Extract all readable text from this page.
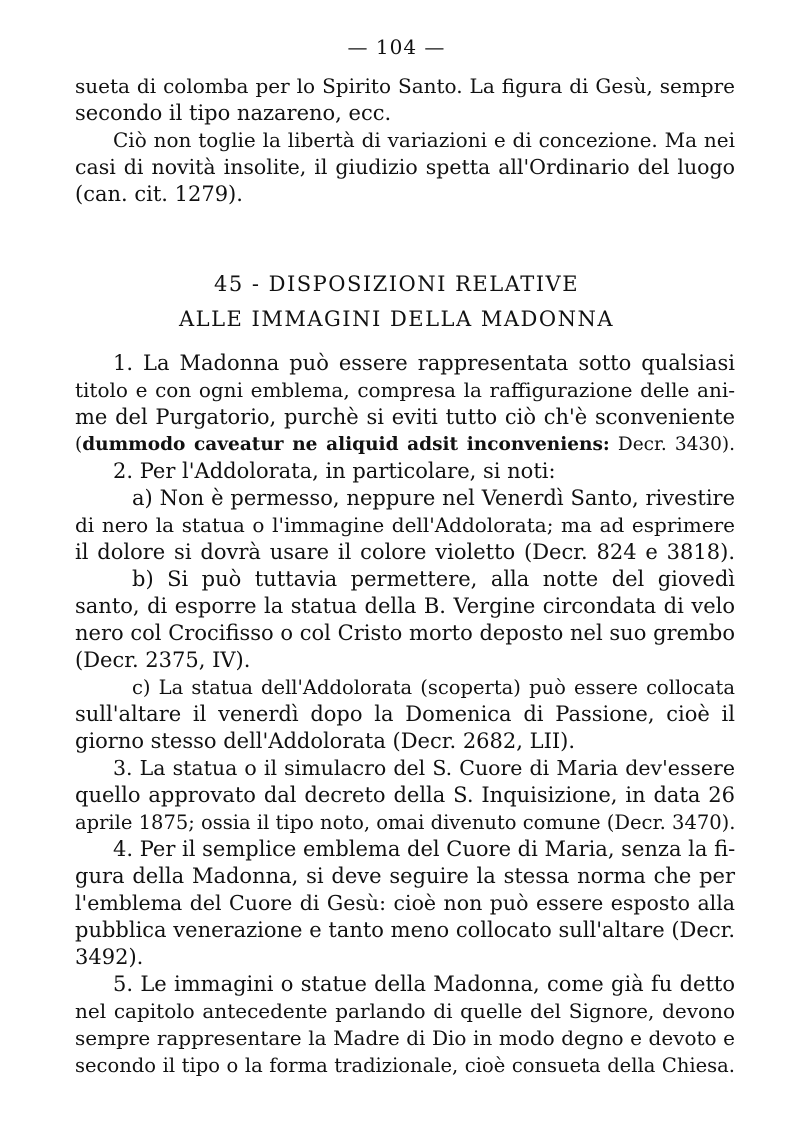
— 104 —
sueta di colomba per lo Spirito Santo. La figura di Gesù, sempre
secondo il tipo nazareno, ecc.
Ciò non toglie la libertà di variazioni e di concezione. Ma nei
casi di novità insolite, il giudizio spetta all'Ordinario del luogo
(can. cit. 1279).
45 - DISPOSIZIONI RELATIVE
ALLE IMMAGINI DELLA MADONNA
1. La Madonna può essere rappresentata sotto qualsiasi
titolo e con ogni emblema, compresa la raffigurazione delle ani-
me del Purgatorio, purchè si eviti tutto ciò ch'è sconveniente
(dummodo caveatur ne aliquid adsit inconveniens: Decr. 3430).
2. Per l'Addolorata, in particolare, si noti:
a) Non è permesso, neppure nel Venerdì Santo, rivestire
di nero la statua o l'immagine dell'Addolorata; ma ad esprimere
il dolore si dovrà usare il colore violetto (Decr. 824 e 3818).
b) Si può tuttavia permettere, alla notte del giovedì
santo, di esporre la statua della B. Vergine circondata di velo
nero col Crocifisso o col Cristo morto deposto nel suo grembo
(Decr. 2375, IV).
c) La statua dell'Addolorata (scoperta) può essere collocata
sull'altare il venerdì dopo la Domenica di Passione, cioè il
giorno stesso dell'Addolorata (Decr. 2682, LII).
3. La statua o il simulacro del S. Cuore di Maria dev'essere
quello approvato dal decreto della S. Inquisizione, in data 26
aprile 1875; ossia il tipo noto, omai divenuto comune (Decr. 3470).
4. Per il semplice emblema del Cuore di Maria, senza la fi-
gura della Madonna, si deve seguire la stessa norma che per
l'emblema del Cuore di Gesù: cioè non può essere esposto alla
pubblica venerazione e tanto meno collocato sull'altare (Decr.
3492).
5. Le immagini o statue della Madonna, come già fu detto
nel capitolo antecedente parlando di quelle del Signore, devono
sempre rappresentare la Madre di Dio in modo degno e devoto e
secondo il tipo o la forma tradizionale, cioè consueta della Chiesa.
